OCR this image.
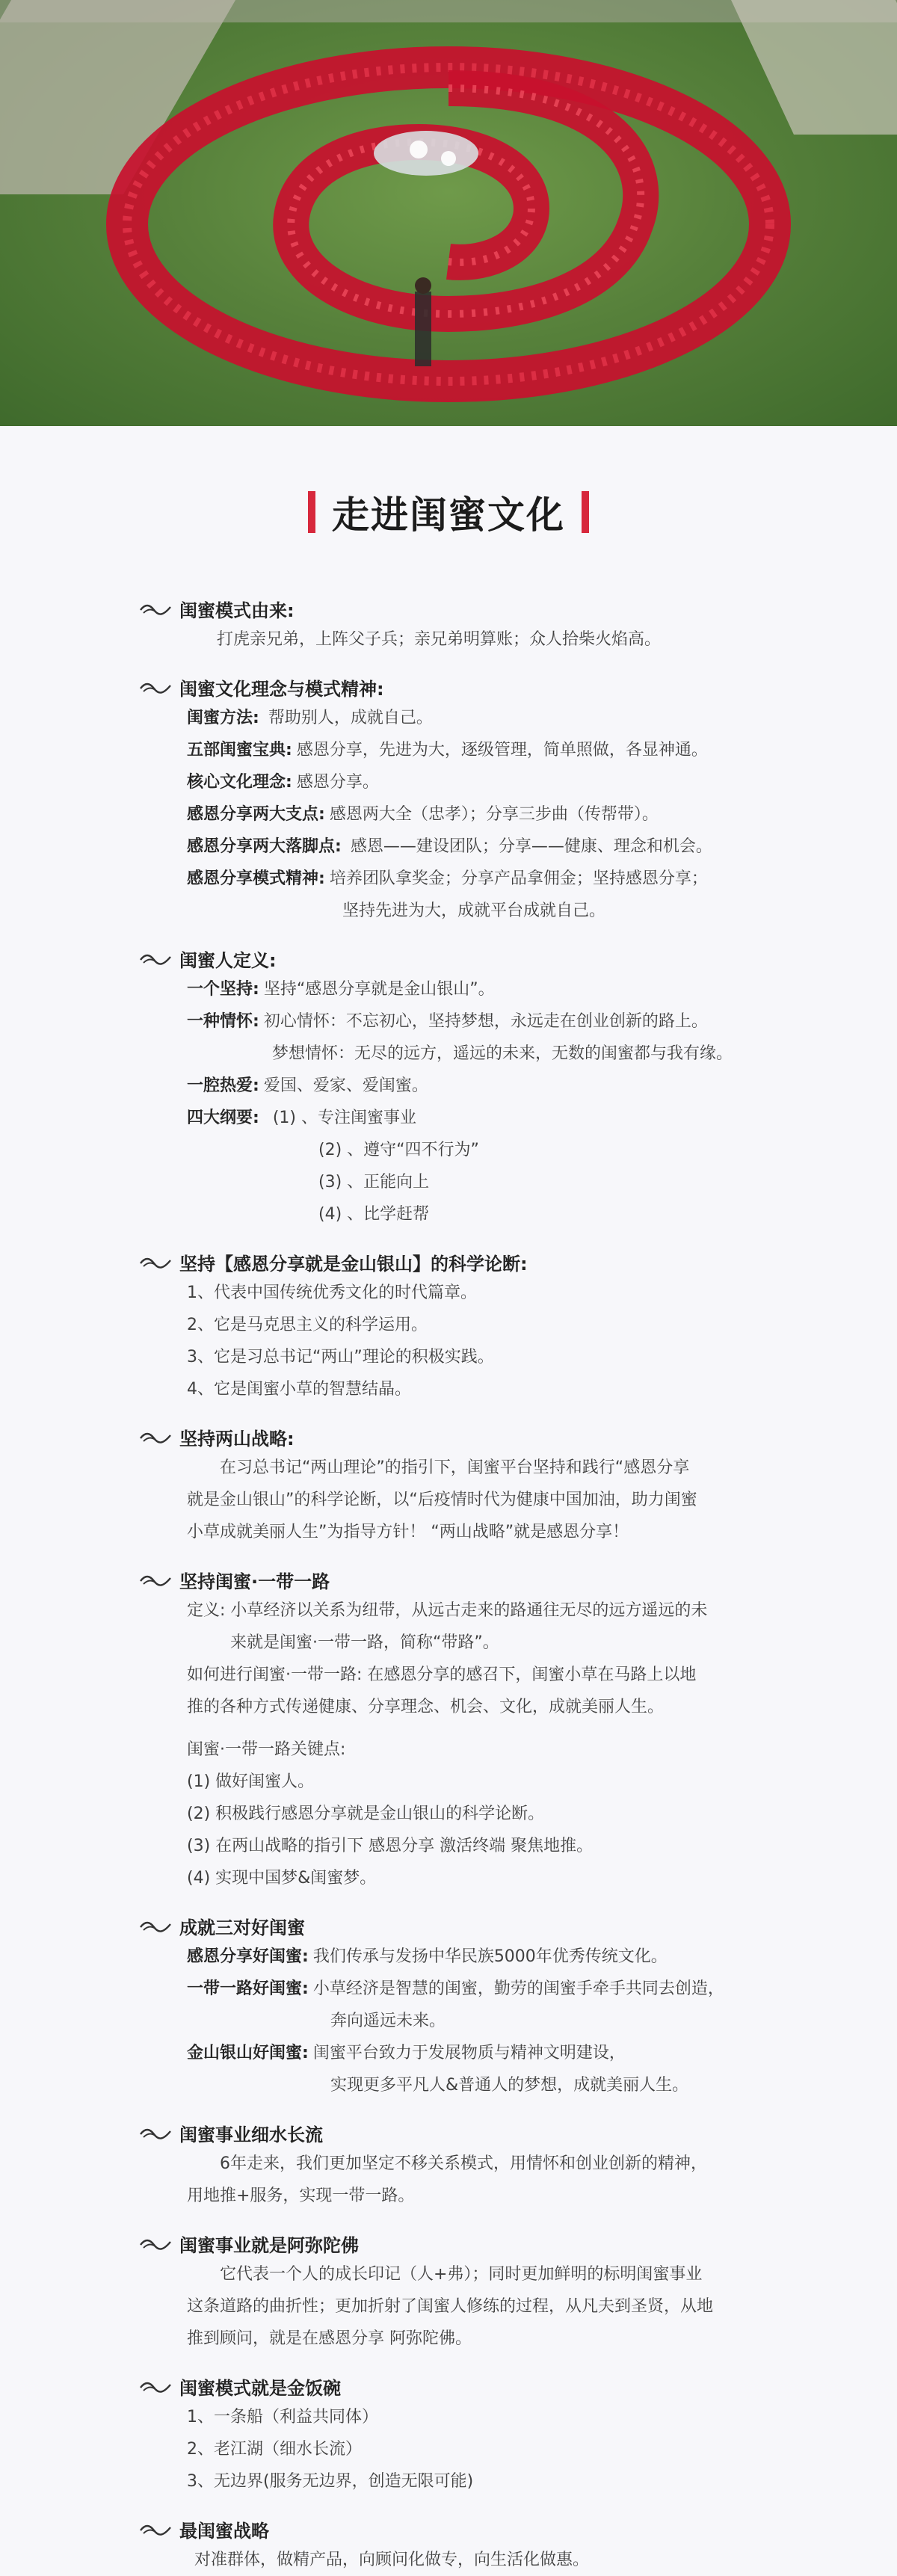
走进闺蜜文化
闺蜜模式由来:
打虎亲兄弟，上阵父子兵；亲兄弟明算账；众人拾柴火焰高。
闺蜜文化理念与模式精神:
闺蜜方法: 帮助别人，成就自己。
五部闺蜜宝典: 感恩分享，先进为大，逐级管理，简单照做，各显神通。
核心文化理念: 感恩分享。
感恩分享两大支点: 感恩两大全（忠孝）；分享三步曲（传帮带）。
感恩分享两大落脚点: 感恩——建设团队；分享——健康、理念和机会。
感恩分享模式精神: 培养团队拿奖金；分享产品拿佣金；坚持感恩分享；
坚持先进为大，成就平台成就自己。
闺蜜人定义:
一个坚持: 坚持“感恩分享就是金山银山”。
一种情怀: 初心情怀：不忘初心，坚持梦想，永远走在创业创新的路上。
梦想情怀：无尽的远方，遥远的未来，无数的闺蜜都与我有缘。
一腔热爱: 爱国、爱家、爱闺蜜。
四大纲要: (1) 、专注闺蜜事业
(2) 、遵守“四不行为”
(3) 、正能向上
(4) 、比学赶帮
坚持【感恩分享就是金山银山】的科学论断:
1、代表中国传统优秀文化的时代篇章。
2、它是马克思主义的科学运用。
3、它是习总书记“两山”理论的积极实践。
4、它是闺蜜小草的智慧结晶。
坚持两山战略:
在习总书记“两山理论”的指引下，闺蜜平台坚持和践行“感恩分享
就是金山银山”的科学论断，以“后疫情时代为健康中国加油，助力闺蜜
小草成就美丽人生”为指导方针！ “两山战略”就是感恩分享！
坚持闺蜜·一带一路
定义: 小草经济以关系为纽带，从远古走来的路通往无尽的远方遥远的未
来就是闺蜜·一带一路，简称“带路”。
如何进行闺蜜·一带一路: 在感恩分享的感召下，闺蜜小草在马路上以地
推的各种方式传递健康、分享理念、机会、文化，成就美丽人生。
闺蜜·一带一路关键点:
(1) 做好闺蜜人。
(2) 积极践行感恩分享就是金山银山的科学论断。
(3) 在两山战略的指引下 感恩分享 激活终端 聚焦地推。
(4) 实现中国梦&闺蜜梦。
成就三对好闺蜜
感恩分享好闺蜜: 我们传承与发扬中华民族5000年优秀传统文化。
一带一路好闺蜜: 小草经济是智慧的闺蜜，勤劳的闺蜜手牵手共同去创造，
奔向遥远未来。
金山银山好闺蜜: 闺蜜平台致力于发展物质与精神文明建设，
实现更多平凡人&普通人的梦想，成就美丽人生。
闺蜜事业细水长流
6年走来，我们更加坚定不移关系模式，用情怀和创业创新的精神，
用地推+服务，实现一带一路。
闺蜜事业就是阿弥陀佛
它代表一个人的成长印记（人+弗）；同时更加鲜明的标明闺蜜事业
这条道路的曲折性；更加折射了闺蜜人修练的过程，从凡夫到圣贤，从地
推到顾问，就是在感恩分享 阿弥陀佛。
闺蜜模式就是金饭碗
1、一条船（利益共同体）
2、老江湖（细水长流）
3、无边界(服务无边界，创造无限可能)
最闺蜜战略
对准群体，做精产品，向顾问化做专，向生活化做惠。
